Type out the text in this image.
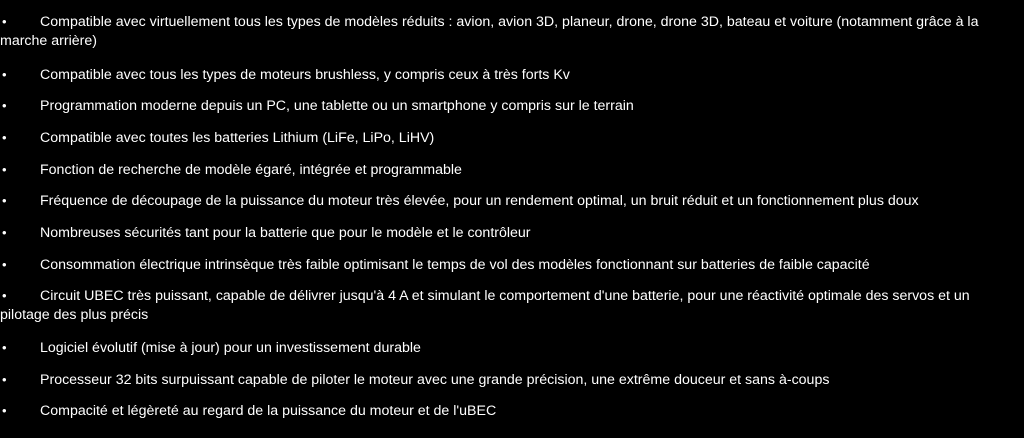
• Compatible avec virtuellement tous les types de modèles réduits : avion, avion 3D, planeur, drone, drone 3D, bateau et voiture (notamment grâce à la marche arrière)
• Compatible avec tous les types de moteurs brushless, y compris ceux à très forts Kv
• Programmation moderne depuis un PC, une tablette ou un smartphone y compris sur le terrain
• Compatible avec toutes les batteries Lithium (LiFe, LiPo, LiHV)
• Fonction de recherche de modèle égaré, intégrée et programmable
• Fréquence de découpage de la puissance du moteur très élevée, pour un rendement optimal, un bruit réduit et un fonctionnement plus doux
• Nombreuses sécurités tant pour la batterie que pour le modèle et le contrôleur
• Consommation électrique intrinsèque très faible optimisant le temps de vol des modèles fonctionnant sur batteries de faible capacité
• Circuit UBEC très puissant, capable de délivrer jusqu'à 4 A et simulant le comportement d'une batterie, pour une réactivité optimale des servos et un pilotage des plus précis
• Logiciel évolutif (mise à jour) pour un investissement durable
• Processeur 32 bits surpuissant capable de piloter le moteur avec une grande précision, une extrême douceur et sans à-coups
• Compacité et légèreté au regard de la puissance du moteur et de l'uBEC
